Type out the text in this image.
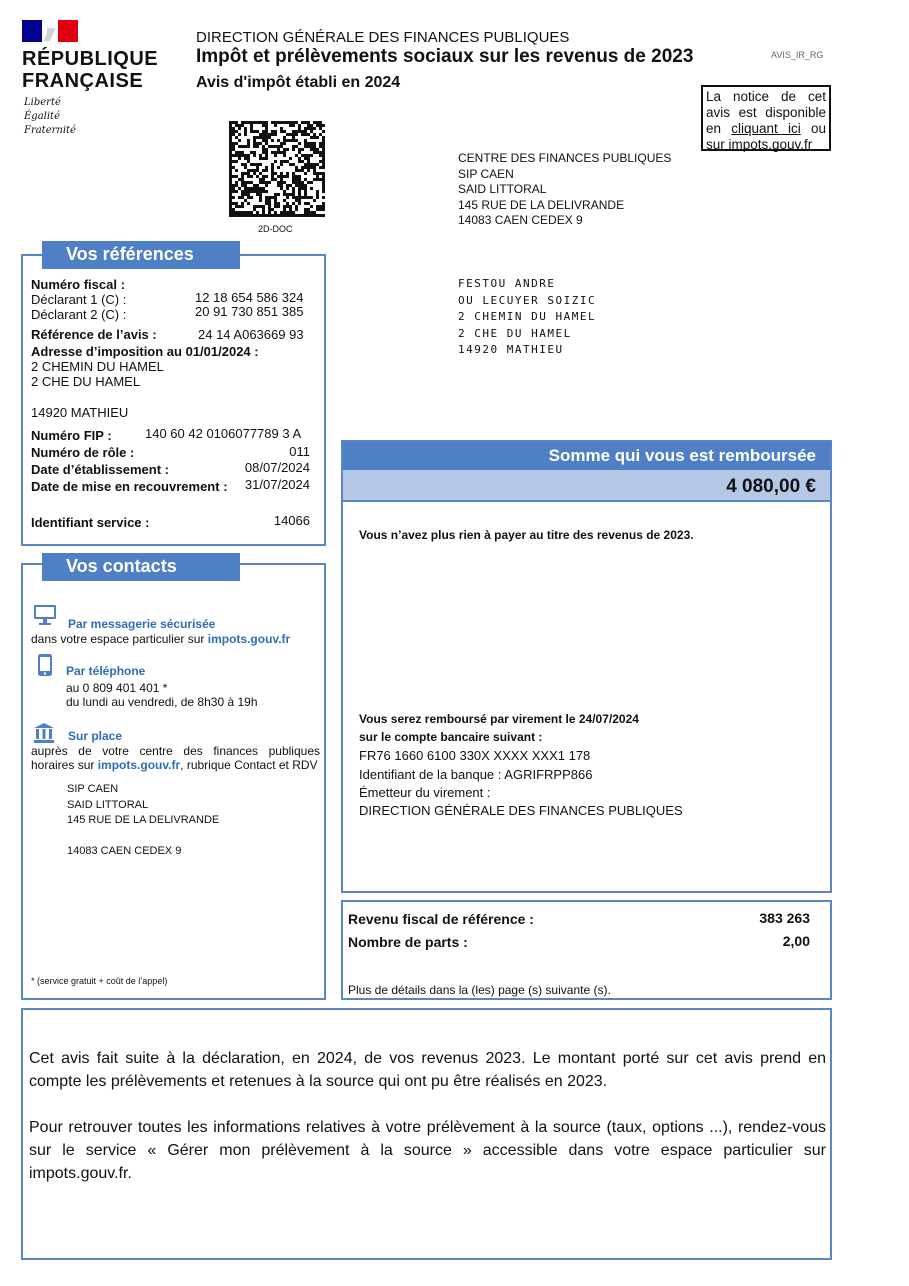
RÉPUBLIQUE
FRANÇAISE
Liberté
Égalité
Fraternité
DIRECTION GÉNÉRALE DES FINANCES PUBLIQUES
Impôt et prélèvements sociaux sur les revenus de 2023
Avis d'impôt établi en 2024
AVIS_IR_RG
La notice de cet avis est disponible en cliquant ici ou sur impots.gouv.fr
2D-DOC
CENTRE DES FINANCES PUBLIQUES
SIP CAEN
SAID LITTORAL
145 RUE DE LA DELIVRANDE
14083 CAEN CEDEX 9
FESTOU ANDRE
OU LECUYER SOIZIC
2 CHEMIN DU HAMEL
2 CHE DU HAMEL
14920 MATHIEU
Vos références
Numéro fiscal :
Déclarant 1 (C) :	12 18 654 586 324
Déclarant 2 (C) :	20 91 730 851 385
Référence de l’avis :	24 14 A063669 93
Adresse d’imposition au 01/01/2024 :
2 CHEMIN DU HAMEL
2 CHE DU HAMEL
14920 MATHIEU
Numéro FIP :	140 60 42 0106077789 3 A
Numéro de rôle :	011
Date d’établissement :	08/07/2024
Date de mise en recouvrement :	31/07/2024
Identifiant service :	14066
Vos contacts
Par messagerie sécurisée
dans votre espace particulier sur impots.gouv.fr
Par téléphone
au 0 809 401 401 *
du lundi au vendredi, de 8h30 à 19h
Sur place
auprès de votre centre des finances publiques
horaires sur impots.gouv.fr, rubrique Contact et RDV
SIP CAEN
SAID LITTORAL
145 RUE DE LA DELIVRANDE
14083 CAEN CEDEX 9
* (service gratuit + coût de l’appel)
Somme qui vous est remboursée
4 080,00 €
Vous n’avez plus rien à payer au titre des revenus de 2023.
Vous serez remboursé par virement le 24/07/2024
sur le compte bancaire suivant :
FR76 1660 6100 330X XXXX XXX1 178
Identifiant de la banque : AGRIFRPP866
Émetteur du virement :
DIRECTION GÉNÉRALE DES FINANCES PUBLIQUES
Revenu fiscal de référence :	383 263
Nombre de parts :	2,00
Plus de détails dans la (les) page (s) suivante (s).
Cet avis fait suite à la déclaration, en 2024, de vos revenus 2023. Le montant porté sur cet avis prend en compte les prélèvements et retenues à la source qui ont pu être réalisés en 2023.
Pour retrouver toutes les informations relatives à votre prélèvement à la source (taux, options ...), rendez-vous sur le service « Gérer mon prélèvement à la source » accessible dans votre espace particulier sur impots.gouv.fr.
